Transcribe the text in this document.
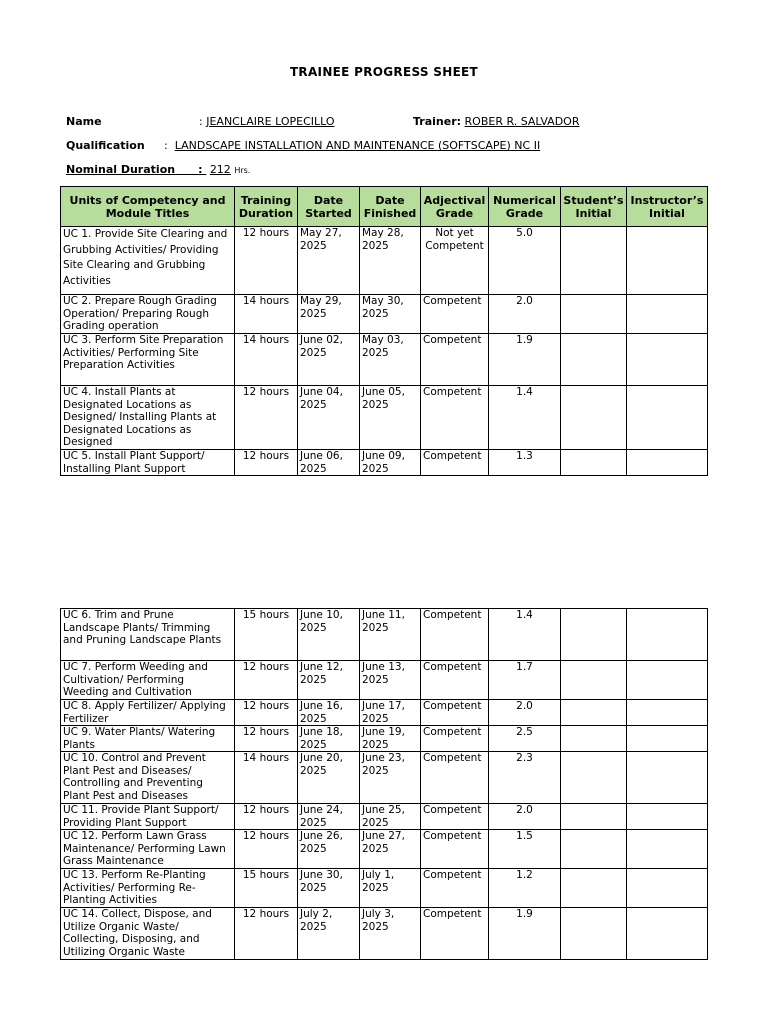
TRAINEE PROGRESS SHEET
Name	: JEANCLAIRE LOPECILLO	Trainer: ROBER R. SALVADOR
Qualification : LANDSCAPE INSTALLATION AND MAINTENANCE (SOFTSCAPE) NC II
Nominal Duration : 212 Hrs.
Units of Competency and Module Titles	Training Duration	Date Started	Date Finished	Adjectival Grade	Numerical Grade	Student’s Initial	Instructor’s Initial
UC 1. Provide Site Clearing and Grubbing Activities/ Providing Site Clearing and Grubbing Activities	12 hours	May 27, 2025	May 28, 2025	Not yet Competent	5.0		
UC 2. Prepare Rough Grading Operation/ Preparing Rough Grading operation	14 hours	May 29, 2025	May 30, 2025	Competent	2.0		
UC 3. Perform Site Preparation Activities/ Performing Site Preparation Activities	14 hours	June 02, 2025	May 03, 2025	Competent	1.9		
UC 4. Install Plants at Designated Locations as Designed/ Installing Plants at Designated Locations as Designed	12 hours	June 04, 2025	June 05, 2025	Competent	1.4		
UC 5. Install Plant Support/ Installing Plant Support	12 hours	June 06, 2025	June 09, 2025	Competent	1.3		
UC 6. Trim and Prune Landscape Plants/ Trimming and Pruning Landscape Plants	15 hours	June 10, 2025	June 11, 2025	Competent	1.4		
UC 7. Perform Weeding and Cultivation/ Performing Weeding and Cultivation	12 hours	June 12, 2025	June 13, 2025	Competent	1.7		
UC 8. Apply Fertilizer/ Applying Fertilizer	12 hours	June 16, 2025	June 17, 2025	Competent	2.0		
UC 9. Water Plants/ Watering Plants	12 hours	June 18, 2025	June 19, 2025	Competent	2.5		
UC 10. Control and Prevent Plant Pest and Diseases/ Controlling and Preventing Plant Pest and Diseases	14 hours	June 20, 2025	June 23, 2025	Competent	2.3		
UC 11. Provide Plant Support/ Providing Plant Support	12 hours	June 24, 2025	June 25, 2025	Competent	2.0		
UC 12. Perform Lawn Grass Maintenance/ Performing Lawn Grass Maintenance	12 hours	June 26, 2025	June 27, 2025	Competent	1.5		
UC 13. Perform Re-Planting Activities/ Performing Re-Planting Activities	15 hours	June 30, 2025	July 1, 2025	Competent	1.2		
UC 14. Collect, Dispose, and Utilize Organic Waste/ Collecting, Disposing, and Utilizing Organic Waste	12 hours	July 2, 2025	July 3, 2025	Competent	1.9		
